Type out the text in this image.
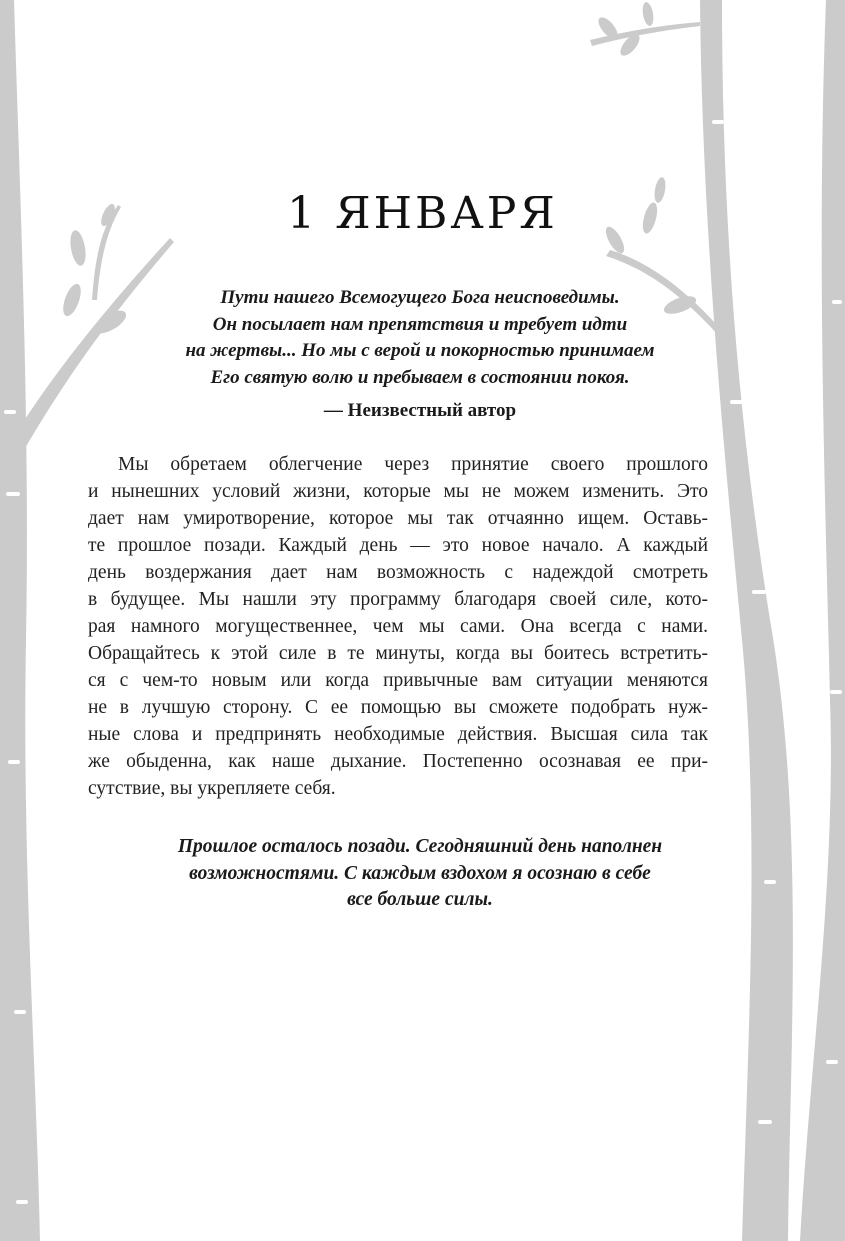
1 ЯНВАРЯ
Пути нашего Всемогущего Бога неисповедимы.
Он посылает нам препятствия и требует идти
на жертвы... Но мы с верой и покорностью принимаем
Его святую волю и пребываем в состоянии покоя.
— Неизвестный автор
Мы обретаем облегчение через принятие своего прошлого
и нынешних условий жизни, которые мы не можем изменить. Это
дает нам умиротворение, которое мы так отчаянно ищем. Оставь-
те прошлое позади. Каждый день — это новое начало. А каждый
день воздержания дает нам возможность с надеждой смотреть
в будущее. Мы нашли эту программу благодаря своей силе, кото-
рая намного могущественнее, чем мы сами. Она всегда с нами.
Обращайтесь к этой силе в те минуты, когда вы боитесь встретить-
ся с чем-то новым или когда привычные вам ситуации меняются
не в лучшую сторону. С ее помощью вы сможете подобрать нуж-
ные слова и предпринять необходимые действия. Высшая сила так
же обыденна, как наше дыхание. Постепенно осознавая ее при-
сутствие, вы укрепляете себя.
Прошлое осталось позади. Сегодняшний день наполнен
возможностями. С каждым вздохом я осознаю в себе
все больше силы.
